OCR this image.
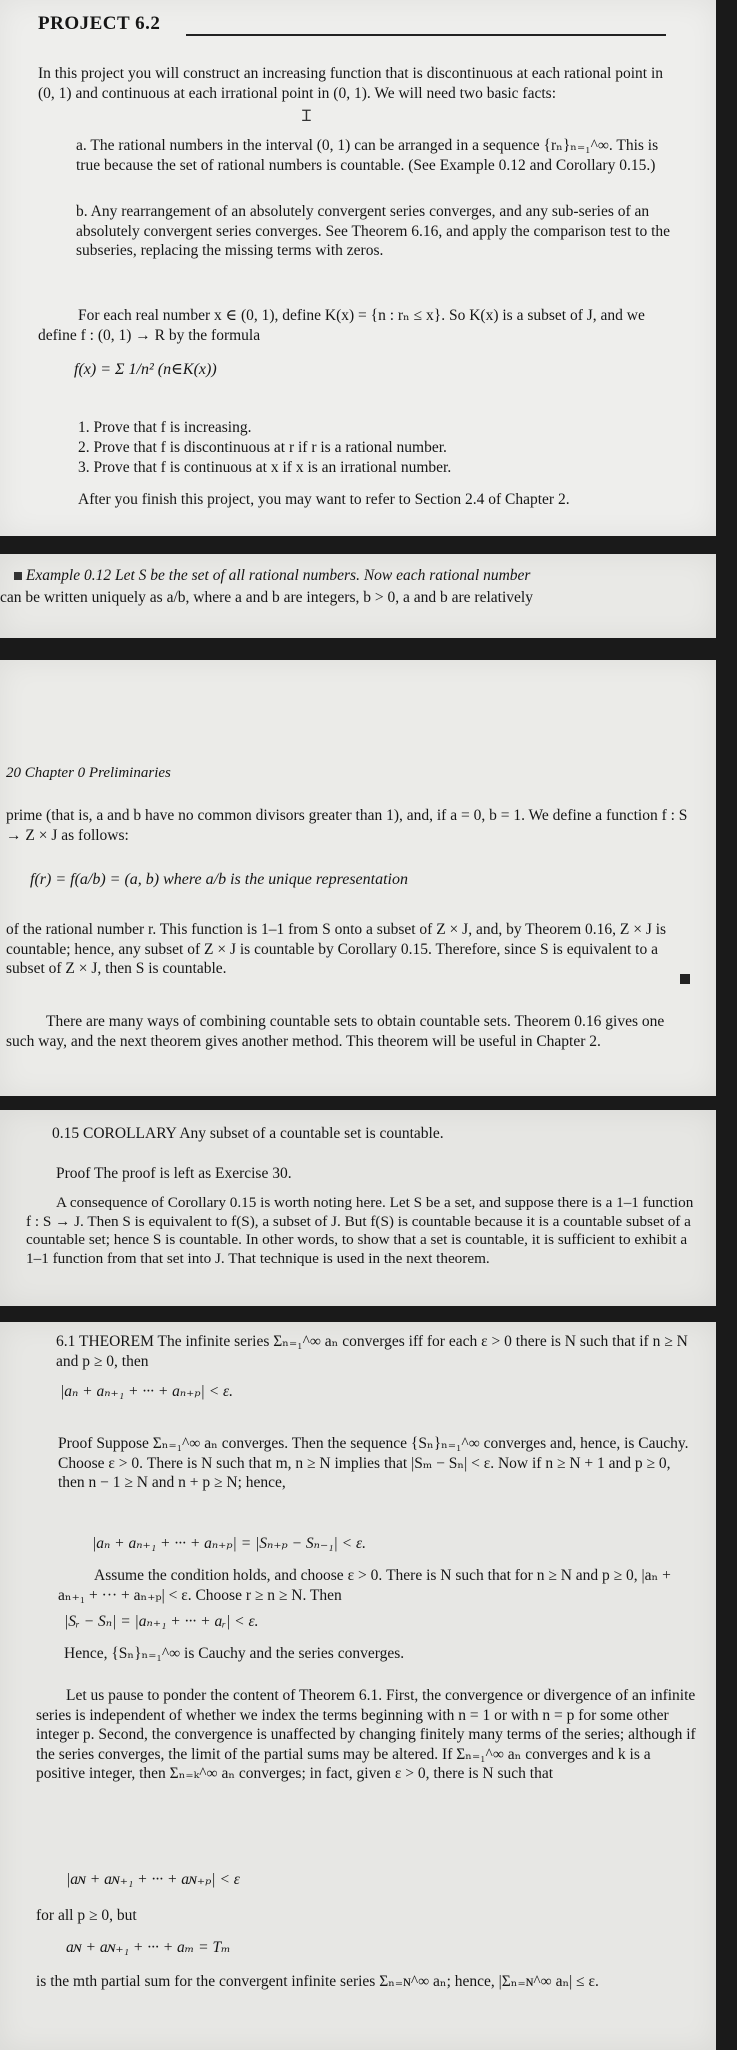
PROJECT 6.2
In this project you will construct an increasing function that is discontinuous at each rational point in (0, 1) and continuous at each irrational point in (0, 1). We will need two basic facts:
Ɪ
a. The rational numbers in the interval (0, 1) can be arranged in a sequence {rₙ}ₙ₌₁^∞. This is true because the set of rational numbers is countable. (See Example 0.12 and Corollary 0.15.)
b. Any rearrangement of an absolutely convergent series converges, and any sub-series of an absolutely convergent series converges. See Theorem 6.16, and apply the comparison test to the subseries, replacing the missing terms with zeros.
For each real number x ∈ (0, 1), define K(x) = {n : rₙ ≤ x}. So K(x) is a subset of J, and we define f : (0, 1) → R by the formula
f(x) = Σ 1/n² (n∈K(x))
1. Prove that f is increasing.
2. Prove that f is discontinuous at r if r is a rational number.
3. Prove that f is continuous at x if x is an irrational number.
After you finish this project, you may want to refer to Section 2.4 of Chapter 2.
Example 0.12 Let S be the set of all rational numbers. Now each rational number
can be written uniquely as a/b, where a and b are integers, b > 0, a and b are relatively
20 Chapter 0 Preliminaries
prime (that is, a and b have no common divisors greater than 1), and, if a = 0, b = 1. We define a function f : S → Z × J as follows:
f(r) = f(a/b) = (a, b) where a/b is the unique representation
of the rational number r. This function is 1–1 from S onto a subset of Z × J, and, by Theorem 0.16, Z × J is countable; hence, any subset of Z × J is countable by Corollary 0.15. Therefore, since S is equivalent to a subset of Z × J, then S is countable.
There are many ways of combining countable sets to obtain countable sets. Theorem 0.16 gives one such way, and the next theorem gives another method. This theorem will be useful in Chapter 2.
0.15 COROLLARY Any subset of a countable set is countable.
Proof The proof is left as Exercise 30.
A consequence of Corollary 0.15 is worth noting here. Let S be a set, and suppose there is a 1–1 function f : S → J. Then S is equivalent to f(S), a subset of J. But f(S) is countable because it is a countable subset of a countable set; hence S is countable. In other words, to show that a set is countable, it is sufficient to exhibit a 1–1 function from that set into J. That technique is used in the next theorem.
6.1 THEOREM The infinite series Σₙ₌₁^∞ aₙ converges iff for each ε > 0 there is N such that if n ≥ N and p ≥ 0, then
|aₙ + aₙ₊₁ + ··· + aₙ₊ₚ| < ε.
Proof Suppose Σₙ₌₁^∞ aₙ converges. Then the sequence {Sₙ}ₙ₌₁^∞ converges and, hence, is Cauchy. Choose ε > 0. There is N such that m, n ≥ N implies that |Sₘ − Sₙ| < ε. Now if n ≥ N + 1 and p ≥ 0, then n − 1 ≥ N and n + p ≥ N; hence,
|aₙ + aₙ₊₁ + ··· + aₙ₊ₚ| = |Sₙ₊ₚ − Sₙ₋₁| < ε.
Assume the condition holds, and choose ε > 0. There is N such that for n ≥ N and p ≥ 0, |aₙ + aₙ₊₁ + ··· + aₙ₊ₚ| < ε. Choose r ≥ n ≥ N. Then
|Sᵣ − Sₙ| = |aₙ₊₁ + ··· + aᵣ| < ε.
Hence, {Sₙ}ₙ₌₁^∞ is Cauchy and the series converges.
Let us pause to ponder the content of Theorem 6.1. First, the convergence or divergence of an infinite series is independent of whether we index the terms beginning with n = 1 or with n = p for some other integer p. Second, the convergence is unaffected by changing finitely many terms of the series; although if the series converges, the limit of the partial sums may be altered. If Σₙ₌₁^∞ aₙ converges and k is a positive integer, then Σₙ₌ₖ^∞ aₙ converges; in fact, given ε > 0, there is N such that
|aɴ + aɴ₊₁ + ··· + aɴ₊ₚ| < ε
for all p ≥ 0, but
aɴ + aɴ₊₁ + ··· + aₘ = Tₘ
is the mth partial sum for the convergent infinite series Σₙ₌ɴ^∞ aₙ; hence, |Σₙ₌ɴ^∞ aₙ| ≤ ε.
